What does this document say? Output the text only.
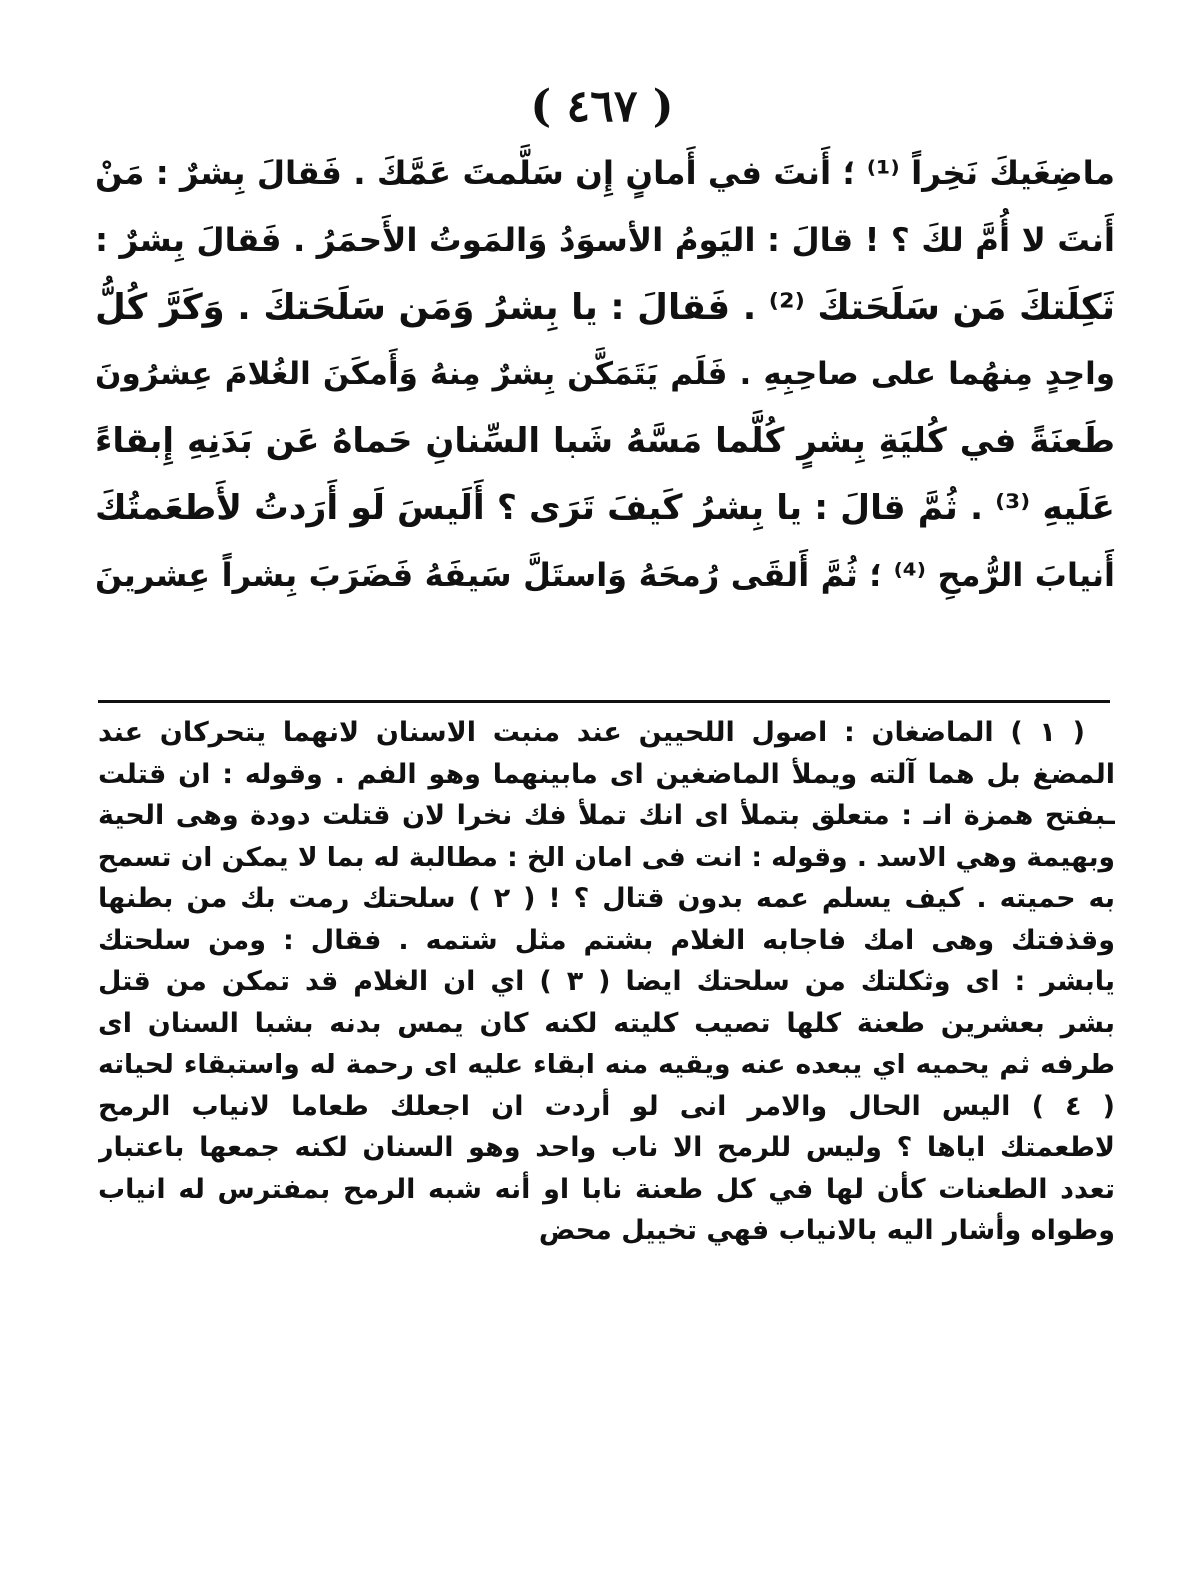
( ٤٦٧ )
ماضِغَيكَ نَخِراً ⁽¹⁾ ؛ أَنتَ في أَمانٍ إِن سَلَّمتَ عَمَّكَ . فَقالَ بِشرٌ : مَنْ
أَنتَ لا أُمَّ لكَ ؟ ! قالَ : اليَومُ الأسوَدُ وَالمَوتُ الأَحمَرُ . فَقالَ بِشرٌ :
ثَكِلَتكَ مَن سَلَحَتكَ ⁽²⁾ . فَقالَ : يا بِشرُ وَمَن سَلَحَتكَ . وَكَرَّ كُلُّ
واحِدٍ مِنهُما على صاحِبِهِ . فَلَم يَتَمَكَّن بِشرٌ مِنهُ وَأَمكَنَ الغُلامَ عِشرُونَ
طَعنَةً في كُليَةِ بِشرٍ كُلَّما مَسَّهُ شَبا السِّنانِ حَماهُ عَن بَدَنِهِ إِبقاءً
عَلَيهِ ⁽³⁾ . ثُمَّ قالَ : يا بِشرُ كَيفَ تَرَى ؟ أَلَيسَ لَو أَرَدتُ لأَطعَمتُكَ
أَنيابَ الرُّمحِ ⁽⁴⁾ ؛ ثُمَّ أَلقَى رُمحَهُ وَاستَلَّ سَيفَهُ فَضَرَبَ بِشراً عِشرينَ
( ١ ) الماضغان : اصول اللحيين عند منبت الاسنان لانهما يتحركان عند
المضغ بل هما آلته ويملأ الماضغين اى مابينهما وهو الفم . وقوله : ان قتلت
ـبفتح همزة انـ : متعلق بتملأ اى انك تملأ فك نخرا لان قتلت دودة وهى الحية
وبهيمة وهي الاسد . وقوله : انت فى امان الخ : مطالبة له بما لا يمكن ان تسمح
به حميته . كيف يسلم عمه بدون قتال ؟ ! ( ٢ ) سلحتك رمت بك من بطنها
وقذفتك وهى امك فاجابه الغلام بشتم مثل شتمه . فقال : ومن سلحتك
يابشر : اى وثكلتك من سلحتك ايضا ( ٣ ) اي ان الغلام قد تمكن من قتل
بشر بعشرين طعنة كلها تصيب كليته لكنه كان يمس بدنه بشبا السنان اى
طرفه ثم يحميه اي يبعده عنه ويقيه منه ابقاء عليه اى رحمة له واستبقاء لحياته
( ٤ ) اليس الحال والامر انى لو أردت ان اجعلك طعاما لانياب الرمح
لاطعمتك اياها ؟ وليس للرمح الا ناب واحد وهو السنان لكنه جمعها باعتبار
تعدد الطعنات كأن لها في كل طعنة نابا او أنه شبه الرمح بمفترس له انياب
وطواه وأشار اليه بالانياب فهي تخييل محض
